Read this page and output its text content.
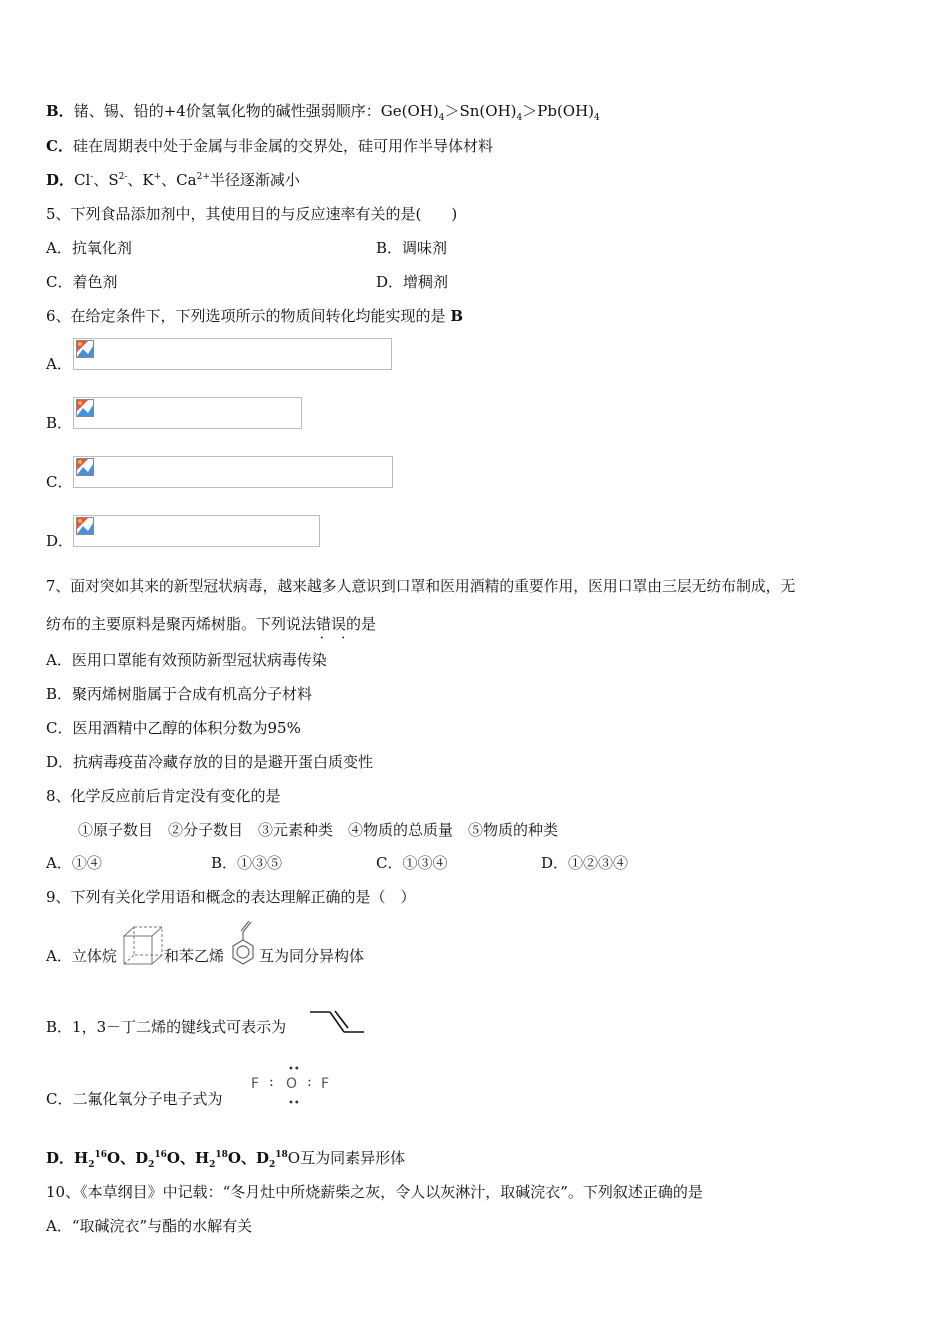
B．锗、锡、铅的+4价氢氧化物的碱性强弱顺序：$Ge(OH)_4>Sn(OH)_4>Pb(OH)_4$
C．硅在周期表中处于金属与非金属的交界处，硅可用作半导体材料
D．Cl-、$S^{2-}$、K+、$Ca^{2+}$半径逐渐减小
5、下列食品添加剂中，其使用目的与反应速率有关的是(　　)
A．抗氧化剂	B．调味剂
C．着色剂	D．增稠剂
6、在给定条件下，下列选项所示的物质间转化均能实现的是 B
A．
B．
C．
D．
7、面对突如其来的新型冠状病毒，越来越多人意识到口罩和医用酒精的重要作用，医用口罩由三层无纺布制成，无
纺布的主要原料是聚丙烯树脂。下列说法错误 • •的是
A．医用口罩能有效预防新型冠状病毒传染
B．聚丙烯树脂属于合成有机高分子材料
C．医用酒精中乙醇的体积分数为95%
D．抗病毒疫苗冷藏存放的目的是避开蛋白质变性
8、化学反应前后肯定没有变化的是
①原子数目　②分子数目　③元素种类　④物质的总质量　⑤物质的种类
A．①④	B．①③⑤	C．①③④	D．①②③④
9、下列有关化学用语和概念的表达理解正确的是（　）
A．立体烷	和苯乙烯 互为同分异构体
B．1，3－丁二烯的键线式可表示为
C．二氟化氧分子电子式为
F : O
••
••
: F
D．$H_2^{16}O$、$D_2^{16}O$、$H_2^{18}O$、$D_2^{18}O$互为同素异形体
10、《本草纲目》中记载：“冬月灶中所烧薪柴之灰，令人以灰淋汁，取碱浣衣”。下列叙述正确的是
A．“取碱浣衣”与酯的水解有关
